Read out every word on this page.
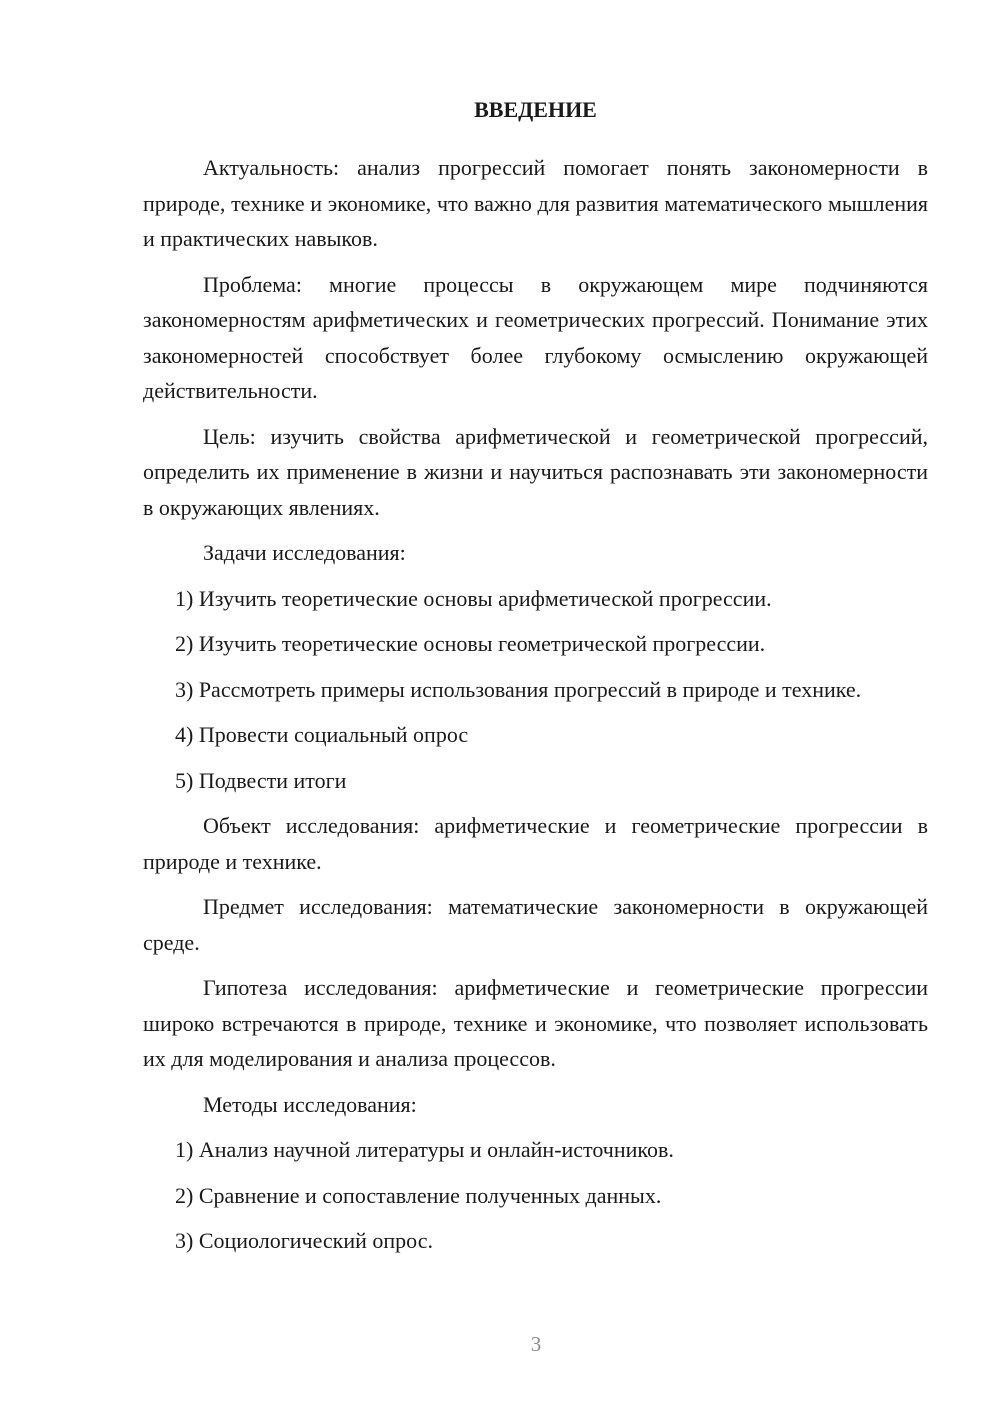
ВВЕДЕНИЕ

Актуальность: анализ прогрессий помогает понять закономерности в природе, технике и экономике, что важно для развития математического мышления и практических навыков.

Проблема: многие процессы в окружающем мире подчиняются закономерностям арифметических и геометрических прогрессий. Понимание этих закономерностей способствует более глубокому осмыслению окружающей действительности.

Цель: изучить свойства арифметической и геометрической прогрессий, определить их применение в жизни и научиться распознавать эти закономерности в окружающих явлениях.

Задачи исследования:

1) Изучить теоретические основы арифметической прогрессии.

2) Изучить теоретические основы геометрической прогрессии.

3) Рассмотреть примеры использования прогрессий в природе и технике.

4) Провести социальный опрос

5) Подвести итоги

Объект исследования: арифметические и геометрические прогрессии в природе и технике.

Предмет исследования: математические закономерности в окружающей среде.

Гипотеза исследования: арифметические и геометрические прогрессии широко встречаются в природе, технике и экономике, что позволяет использовать их для моделирования и анализа процессов.

Методы исследования:

1) Анализ научной литературы и онлайн-источников.

2) Сравнение и сопоставление полученных данных.

3) Социологический опрос.

3
